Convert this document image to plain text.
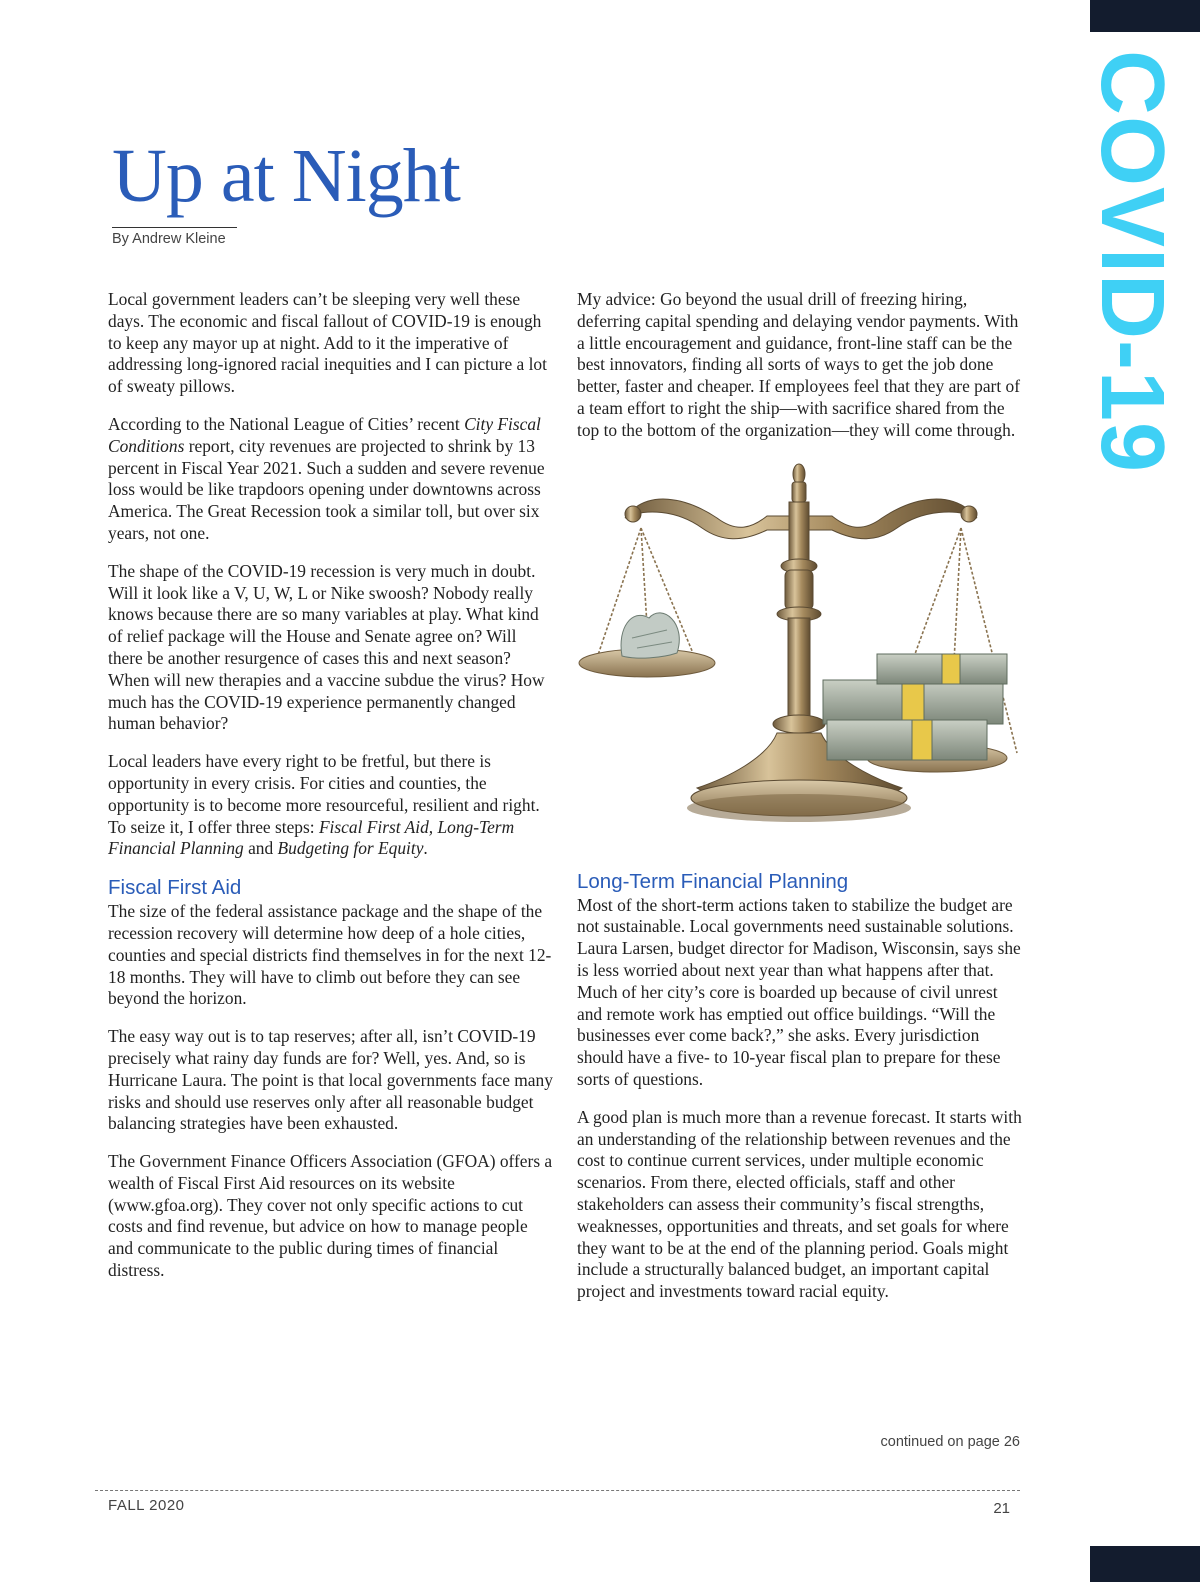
COVID-19
Up at Night
By Andrew Kleine

Local government leaders can’t be sleeping very well these days. The economic and fiscal fallout of COVID-19 is enough to keep any mayor up at night. Add to it the imperative of addressing long-ignored racial inequities and I can picture a lot of sweaty pillows.

According to the National League of Cities’ recent City Fiscal Conditions report, city revenues are projected to shrink by 13 percent in Fiscal Year 2021. Such a sudden and severe revenue loss would be like trapdoors opening under downtowns across America. The Great Recession took a similar toll, but over six years, not one.

The shape of the COVID-19 recession is very much in doubt. Will it look like a V, U, W, L or Nike swoosh? Nobody really knows because there are so many variables at play. What kind of relief package will the House and Senate agree on? Will there be another resurgence of cases this and next season? When will new therapies and a vaccine subdue the virus? How much has the COVID-19 experience permanently changed human behavior?

Local leaders have every right to be fretful, but there is opportunity in every crisis. For cities and counties, the opportunity is to become more resourceful, resilient and right. To seize it, I offer three steps: Fiscal First Aid, Long-Term Financial Planning and Budgeting for Equity.

Fiscal First Aid

The size of the federal assistance package and the shape of the recession recovery will determine how deep of a hole cities, counties and special districts find themselves in for the next 12-18 months. They will have to climb out before they can see beyond the horizon.

The easy way out is to tap reserves; after all, isn’t COVID-19 precisely what rainy day funds are for? Well, yes. And, so is Hurricane Laura. The point is that local governments face many risks and should use reserves only after all reasonable budget balancing strategies have been exhausted.

The Government Finance Officers Association (GFOA) offers a wealth of Fiscal First Aid resources on its website (www.gfoa.org). They cover not only specific actions to cut costs and find revenue, but advice on how to manage people and communicate to the public during times of financial distress.

My advice: Go beyond the usual drill of freezing hiring, deferring capital spending and delaying vendor payments. With a little encouragement and guidance, front-line staff can be the best innovators, finding all sorts of ways to get the job done better, faster and cheaper. If employees feel that they are part of a team effort to right the ship—with sacrifice shared from the top to the bottom of the organization—they will come through.

Long-Term Financial Planning

Most of the short-term actions taken to stabilize the budget are not sustainable. Local governments need sustainable solutions. Laura Larsen, budget director for Madison, Wisconsin, says she is less worried about next year than what happens after that. Much of her city’s core is boarded up because of civil unrest and remote work has emptied out office buildings. “Will the businesses ever come back?,” she asks. Every jurisdiction should have a five- to 10-year fiscal plan to prepare for these sorts of questions.

A good plan is much more than a revenue forecast. It starts with an understanding of the relationship between revenues and the cost to continue current services, under multiple economic scenarios. From there, elected officials, staff and other stakeholders can assess their community’s fiscal strengths, weaknesses, opportunities and threats, and set goals for where they want to be at the end of the planning period. Goals might include a structurally balanced budget, an important capital project and investments toward racial equity.

continued on page 26
FALL 2020	21
